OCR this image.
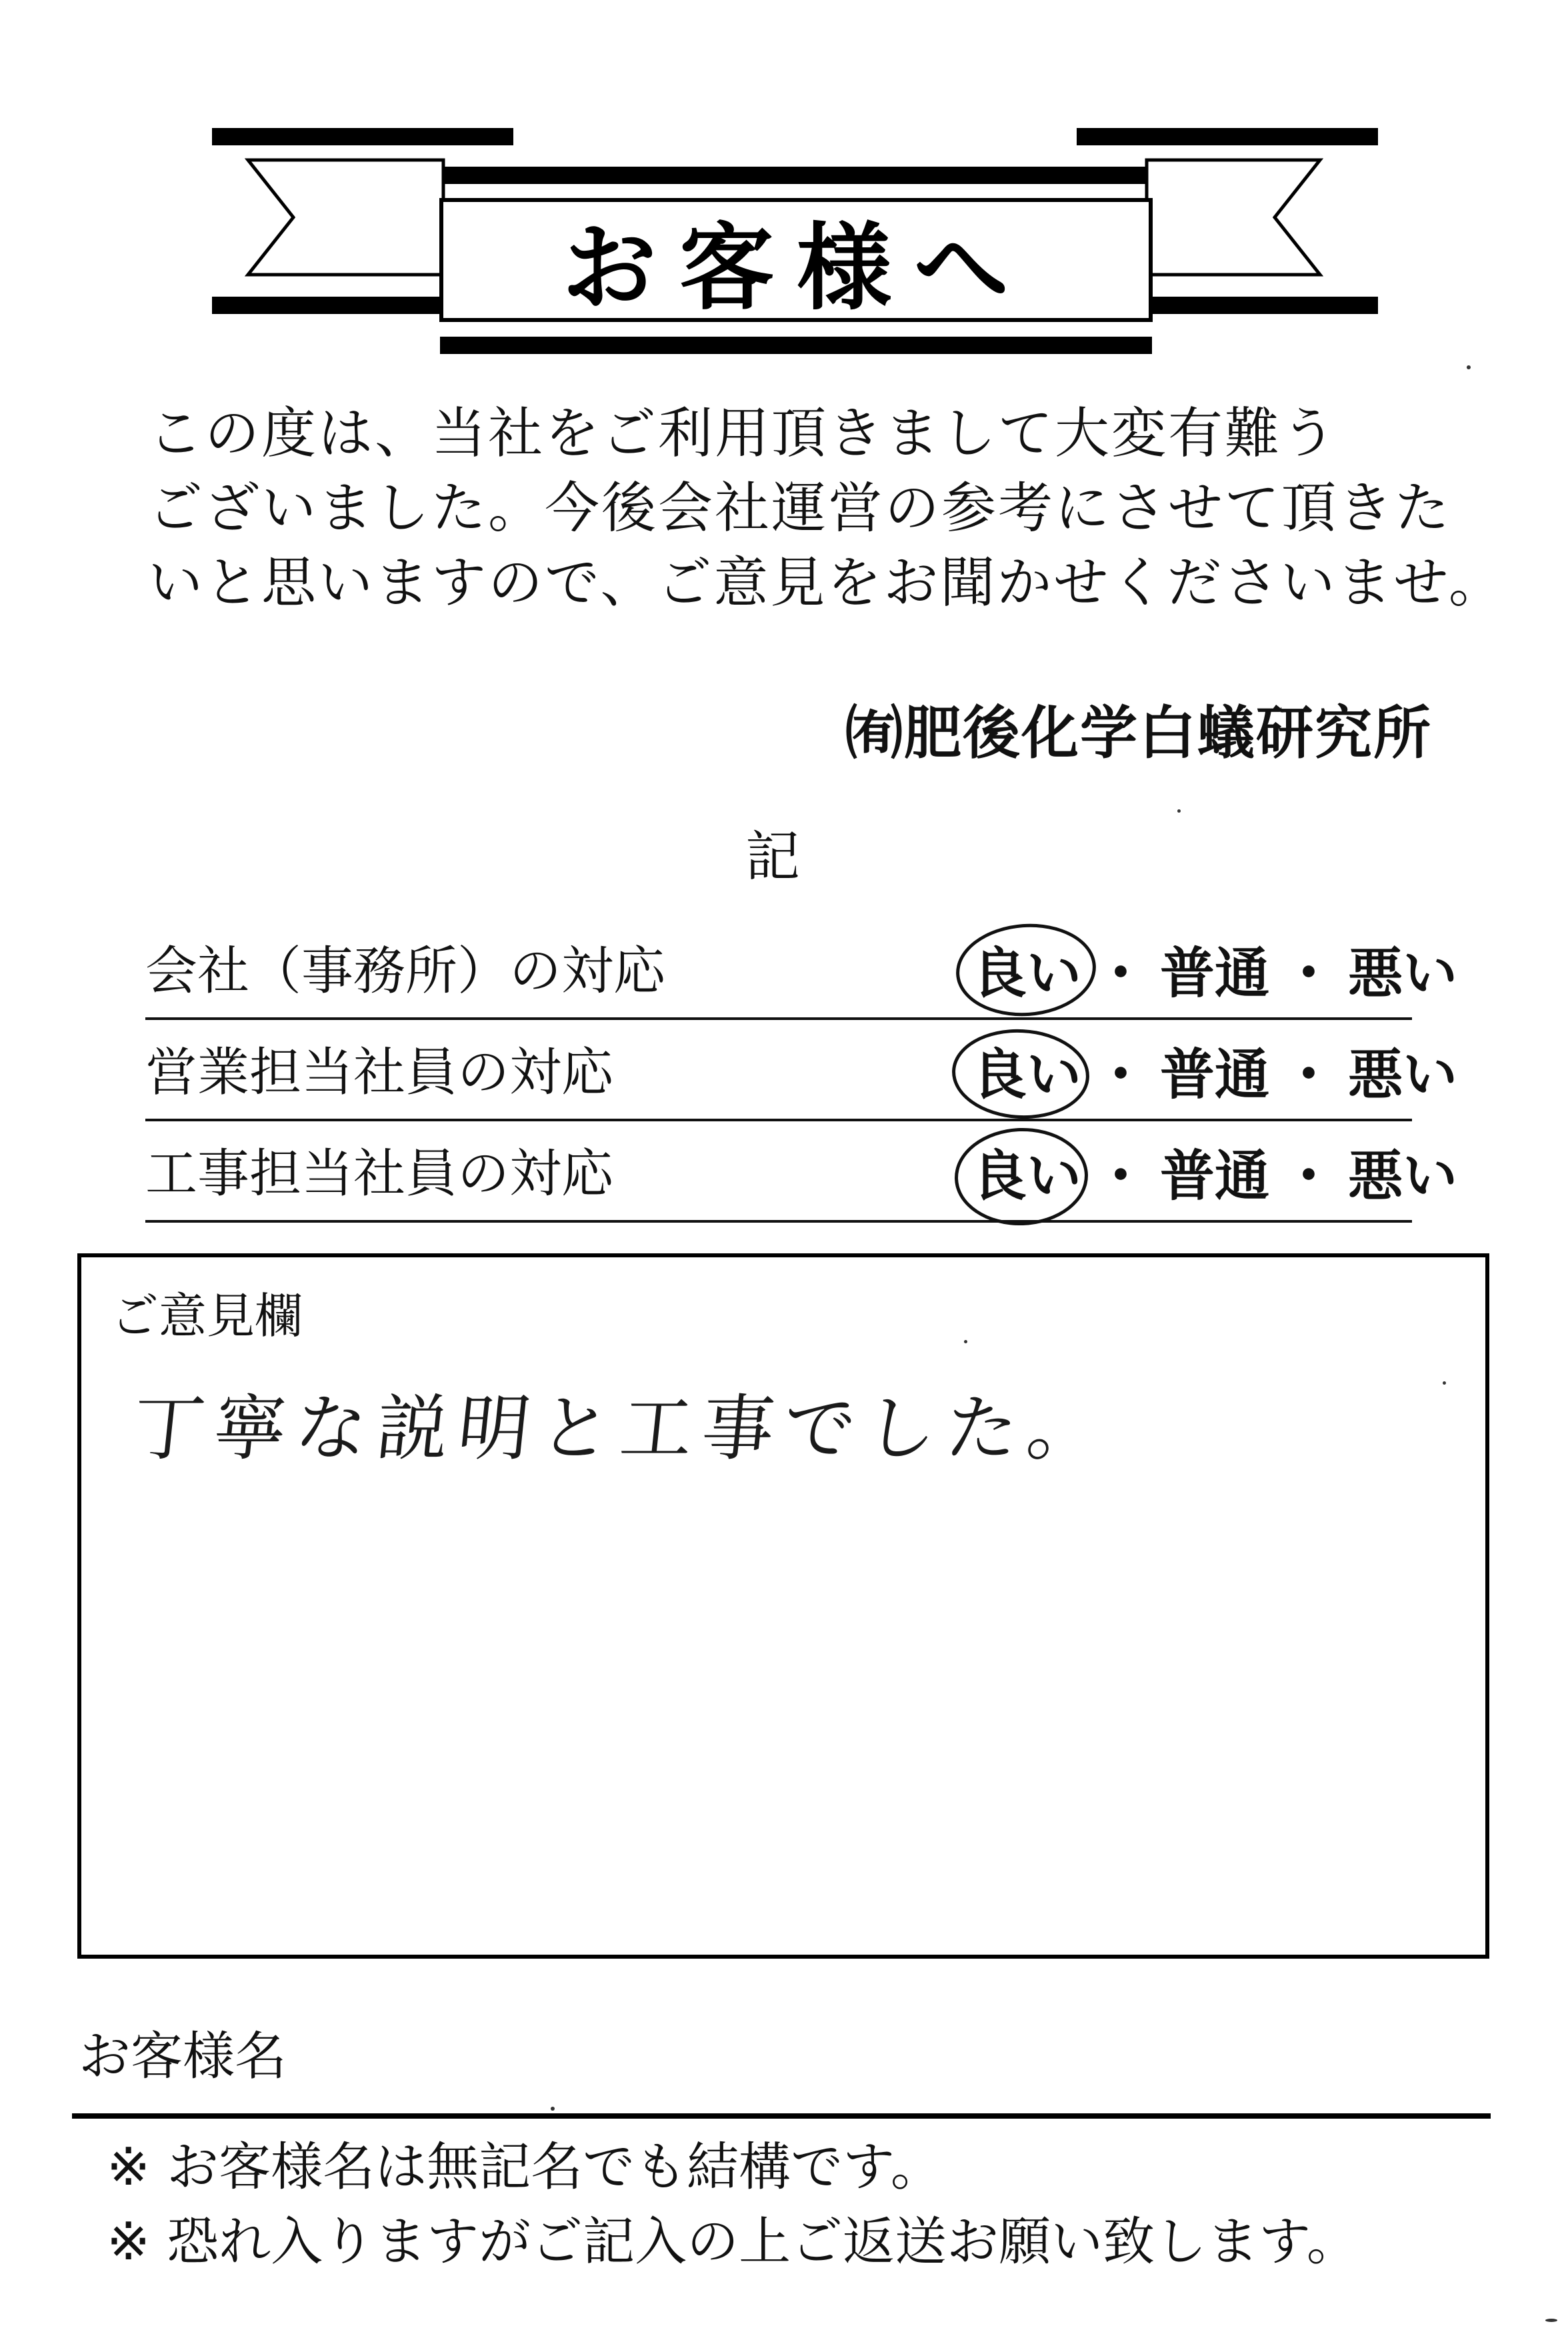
お客様へ
この度は、当社をご利用頂きまして大変有難う
ございました。今後会社運営の参考にさせて頂きた
いと思いますので、ご意見をお聞かせくださいませ。
㈲肥後化学白蟻研究所
記
会社（事務所）の対応	良い ・ 普通 ・ 悪い
営業担当社員の対応	良い ・ 普通 ・ 悪い
工事担当社員の対応	良い ・ 普通 ・ 悪い
ご意見欄
丁寧な説明と工事でした。
お客様名
※ お客様名は無記名でも結構です。
※ 恐れ入りますがご記入の上ご返送お願い致します。
